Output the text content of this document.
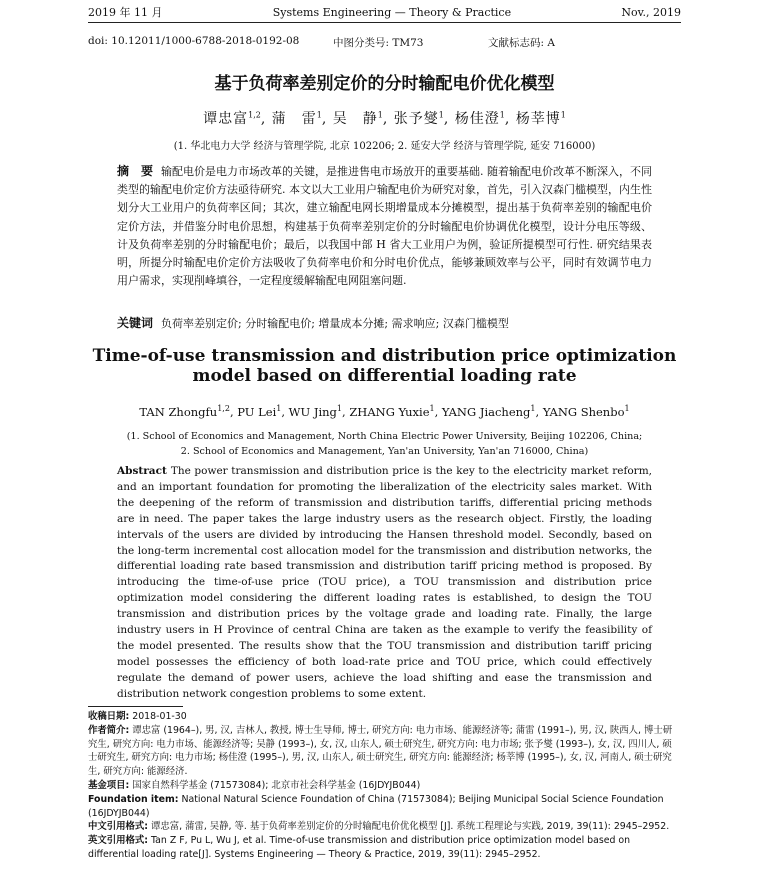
2019 年 11 月	Systems Engineering — Theory & Practice	Nov., 2019
doi: 10.12011/1000-6788-2018-0192-08	中图分类号: TM73	文献标志码: A
基于负荷率差别定价的分时输配电价优化模型
谭忠富$^{1,2}$, 蒲　雷$^1$, 吴　静$^1$, 张予燮$^1$, 杨佳澄$^1$, 杨莘博$^1$
(1. 华北电力大学 经济与管理学院, 北京 102206; 2. 延安大学 经济与管理学院, 延安 716000)
摘　要 输配电价是电力市场改革的关键，是推进售电市场放开的重要基础. 随着输配电价改革不断深入，不同类型的输配电价定价方法亟待研究. 本文以大工业用户输配电价为研究对象，首先，引入汉森门槛模型，内生性划分大工业用户的负荷率区间；其次，建立输配电网长期增量成本分摊模型，提出基于负荷率差别的输配电价定价方法，并借鉴分时电价思想，构建基于负荷率差别定价的分时输配电价协调优化模型，设计分电压等级、计及负荷率差别的分时输配电价；最后，以我国中部 H 省大工业用户为例，验证所提模型可行性. 研究结果表明，所提分时输配电价定价方法吸收了负荷率电价和分时电价优点，能够兼顾效率与公平，同时有效调节电力用户需求，实现削峰填谷，一定程度缓解输配电网阻塞问题.
关键词 负荷率差别定价; 分时输配电价; 增量成本分摊; 需求响应; 汉森门槛模型
Time-of-use transmission and distribution price optimization
model based on differential loading rate
TAN Zhongfu$^{1,2}$, PU Lei$^1$, WU Jing$^1$, ZHANG Yuxie$^1$, YANG Jiacheng$^1$, YANG Shenbo$^1$
(1. School of Economics and Management, North China Electric Power University, Beijing 102206, China;
2. School of Economics and Management, Yan'an University, Yan'an 716000, China)
Abstract The power transmission and distribution price is the key to the electricity market reform, and an important foundation for promoting the liberalization of the electricity sales market. With the deepening of the reform of transmission and distribution tariffs, differential pricing methods are in need. The paper takes the large industry users as the research object. Firstly, the loading intervals of the users are divided by introducing the Hansen threshold model. Secondly, based on the long-term incremental cost allocation model for the transmission and distribution networks, the differential loading rate based transmission and distribution tariff pricing method is proposed. By introducing the time-of-use price (TOU price), a TOU transmission and distribution price optimization model considering the different loading rates is established, to design the TOU transmission and distribution prices by the voltage grade and loading rate. Finally, the large industry users in H Province of central China are taken as the example to verify the feasibility of the model presented. The results show that the TOU transmission and distribution tariff pricing model possesses the efficiency of both load-rate price and TOU price, which could effectively regulate the demand of power users, achieve the load shifting and ease the transmission and distribution network congestion problems to some extent.

收稿日期: 2018-01-30

作者简介: 谭忠富 (1964–), 男, 汉, 吉林人, 教授, 博士生导师, 博士, 研究方向: 电力市场、能源经济等; 蒲雷 (1991–), 男, 汉, 陕西人, 博士研究生, 研究方向: 电力市场、能源经济等; 吴静 (1993–), 女, 汉, 山东人, 硕士研究生, 研究方向: 电力市场; 张予燮 (1993–), 女, 汉, 四川人, 硕士研究生, 研究方向: 电力市场; 杨佳澄 (1995–), 男, 汉, 山东人, 硕士研究生, 研究方向: 能源经济; 杨莘博 (1995–), 女, 汉, 河南人, 硕士研究生, 研究方向: 能源经济.

基金项目: 国家自然科学基金 (71573084); 北京市社会科学基金 (16JDYJB044)

Foundation item: National Natural Science Foundation of China (71573084); Beijing Municipal Social Science Foundation (16JDYJB044)

中文引用格式: 谭忠富, 蒲雷, 吴静, 等. 基于负荷率差别定价的分时输配电价优化模型 [J]. 系统工程理论与实践, 2019, 39(11): 2945–2952.

英文引用格式: Tan Z F, Pu L, Wu J, et al. Time-of-use transmission and distribution price optimization model based on differential loading rate[J]. Systems Engineering — Theory & Practice, 2019, 39(11): 2945–2952.
